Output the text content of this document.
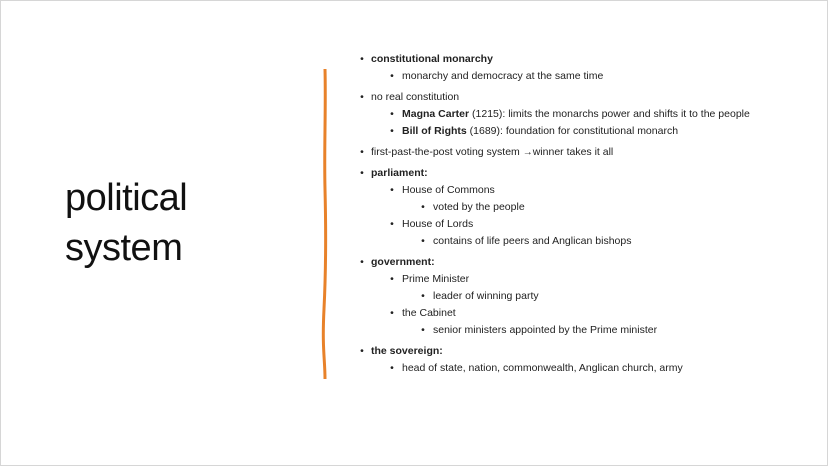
political
system
• constitutional monarchy
• monarchy and democracy at the same time
• no real constitution
• Magna Carter (1215): limits the monarchs power and shifts it to the people
• Bill of Rights (1689): foundation for constitutional monarch
• first-past-the-post voting system →winner takes it all
• parliament:
• House of Commons
• voted by the people
• House of Lords
• contains of life peers and Anglican bishops
• government:
• Prime Minister
• leader of winning party
• the Cabinet
• senior ministers appointed by the Prime minister
• the sovereign:
• head of state, nation, commonwealth, Anglican church, army
